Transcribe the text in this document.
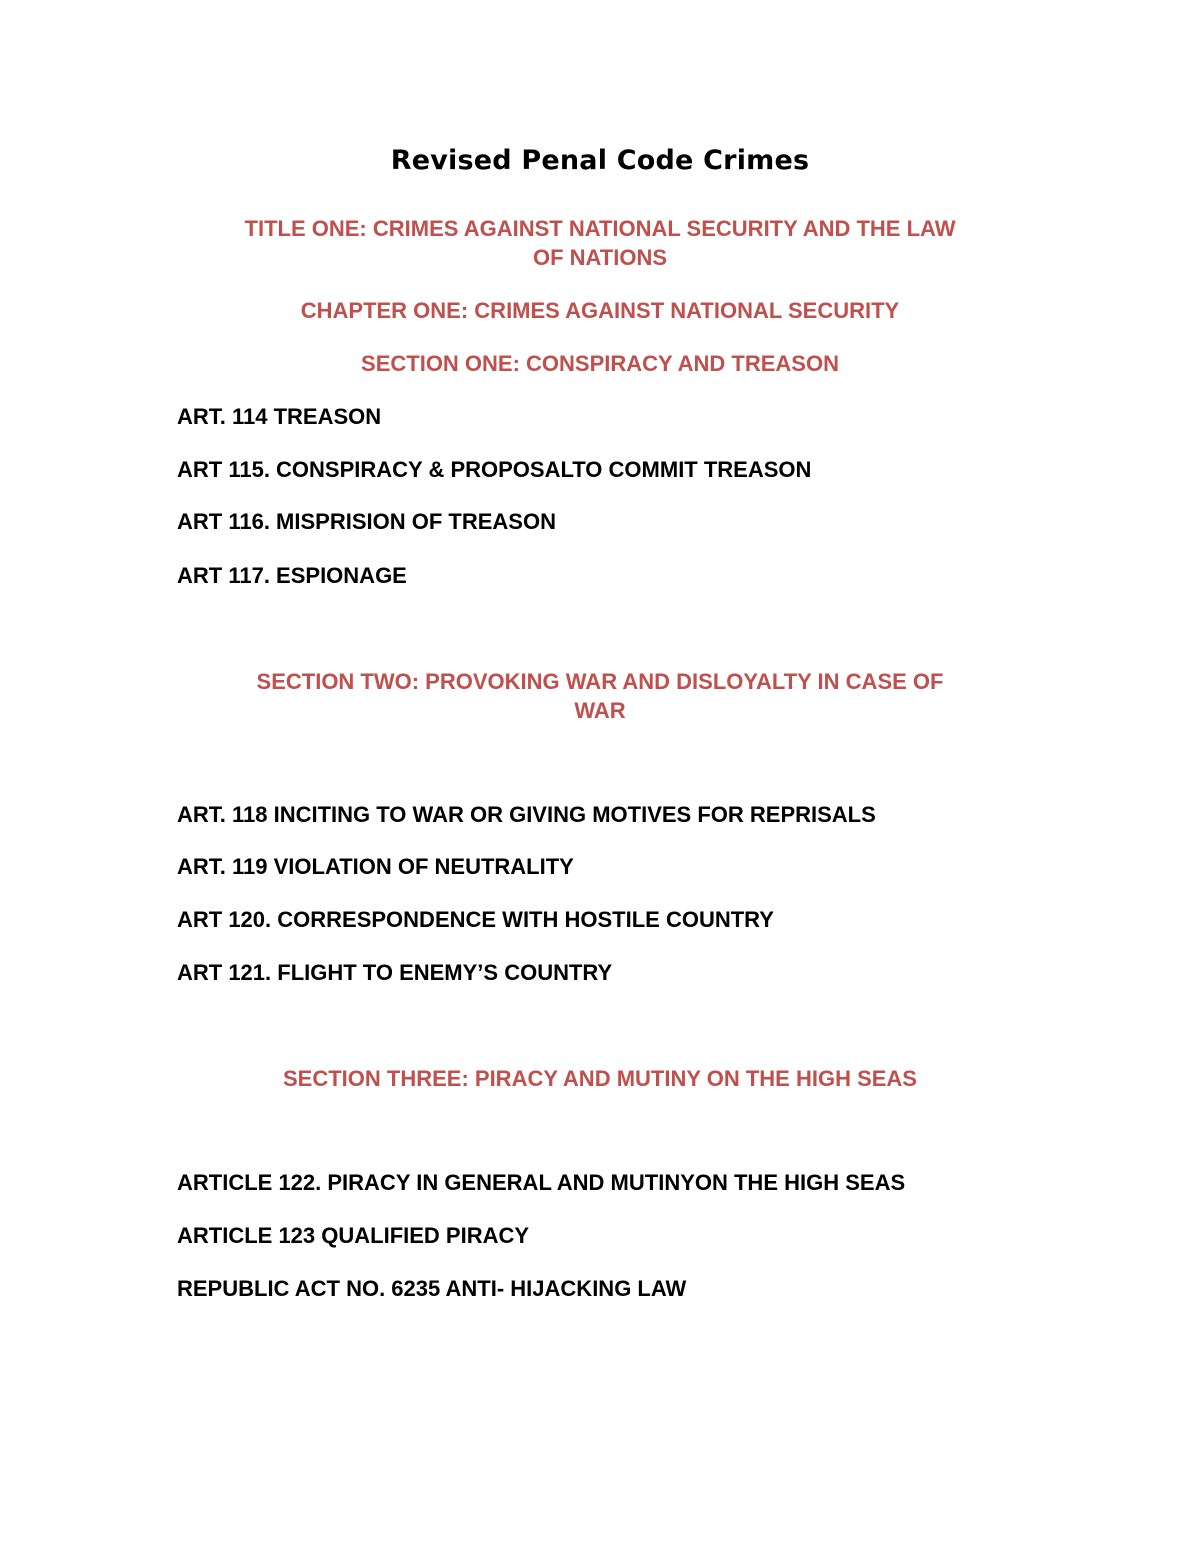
Revised Penal Code Crimes

TITLE ONE: CRIMES AGAINST NATIONAL SECURITY AND THE LAW

OF NATIONS

CHAPTER ONE: CRIMES AGAINST NATIONAL SECURITY

SECTION ONE: CONSPIRACY AND TREASON

ART. 114 TREASON

ART 115. CONSPIRACY & PROPOSALTO COMMIT TREASON

ART 116. MISPRISION OF TREASON

ART 117. ESPIONAGE

SECTION TWO: PROVOKING WAR AND DISLOYALTY IN CASE OF

WAR

ART. 118 INCITING TO WAR OR GIVING MOTIVES FOR REPRISALS

ART. 119 VIOLATION OF NEUTRALITY

ART 120. CORRESPONDENCE WITH HOSTILE COUNTRY

ART 121. FLIGHT TO ENEMY’S COUNTRY

SECTION THREE: PIRACY AND MUTINY ON THE HIGH SEAS

ARTICLE 122. PIRACY IN GENERAL AND MUTINYON THE HIGH SEAS

ARTICLE 123 QUALIFIED PIRACY

REPUBLIC ACT NO. 6235 ANTI- HIJACKING LAW
